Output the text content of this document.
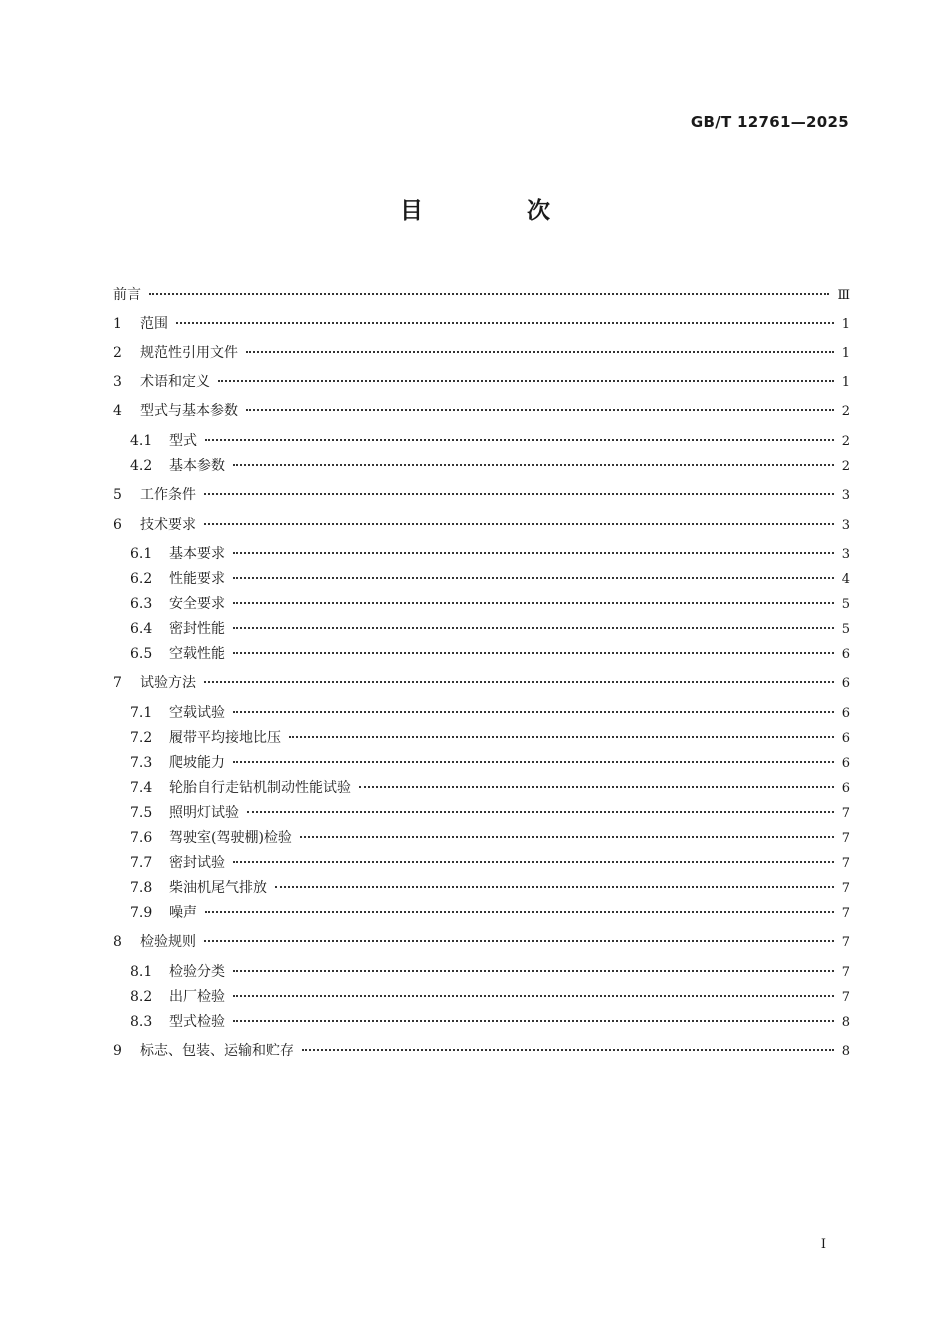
GB/T 12761—2025
目 次
前言	Ⅲ
1	范围	1
2	规范性引用文件	1
3	术语和定义	1
4	型式与基本参数	2
4.1	型式	2
4.2	基本参数	2
5	工作条件	3
6	技术要求	3
6.1	基本要求	3
6.2	性能要求	4
6.3	安全要求	5
6.4	密封性能	5
6.5	空载性能	6
7	试验方法	6
7.1	空载试验	6
7.2	履带平均接地比压	6
7.3	爬坡能力	6
7.4	轮胎自行走钻机制动性能试验	6
7.5	照明灯试验	7
7.6	驾驶室(驾驶棚)检验	7
7.7	密封试验	7
7.8	柴油机尾气排放	7
7.9	噪声	7
8	检验规则	7
8.1	检验分类	7
8.2	出厂检验	7
8.3	型式检验	8
9	标志、包装、运输和贮存	8
Ⅰ
